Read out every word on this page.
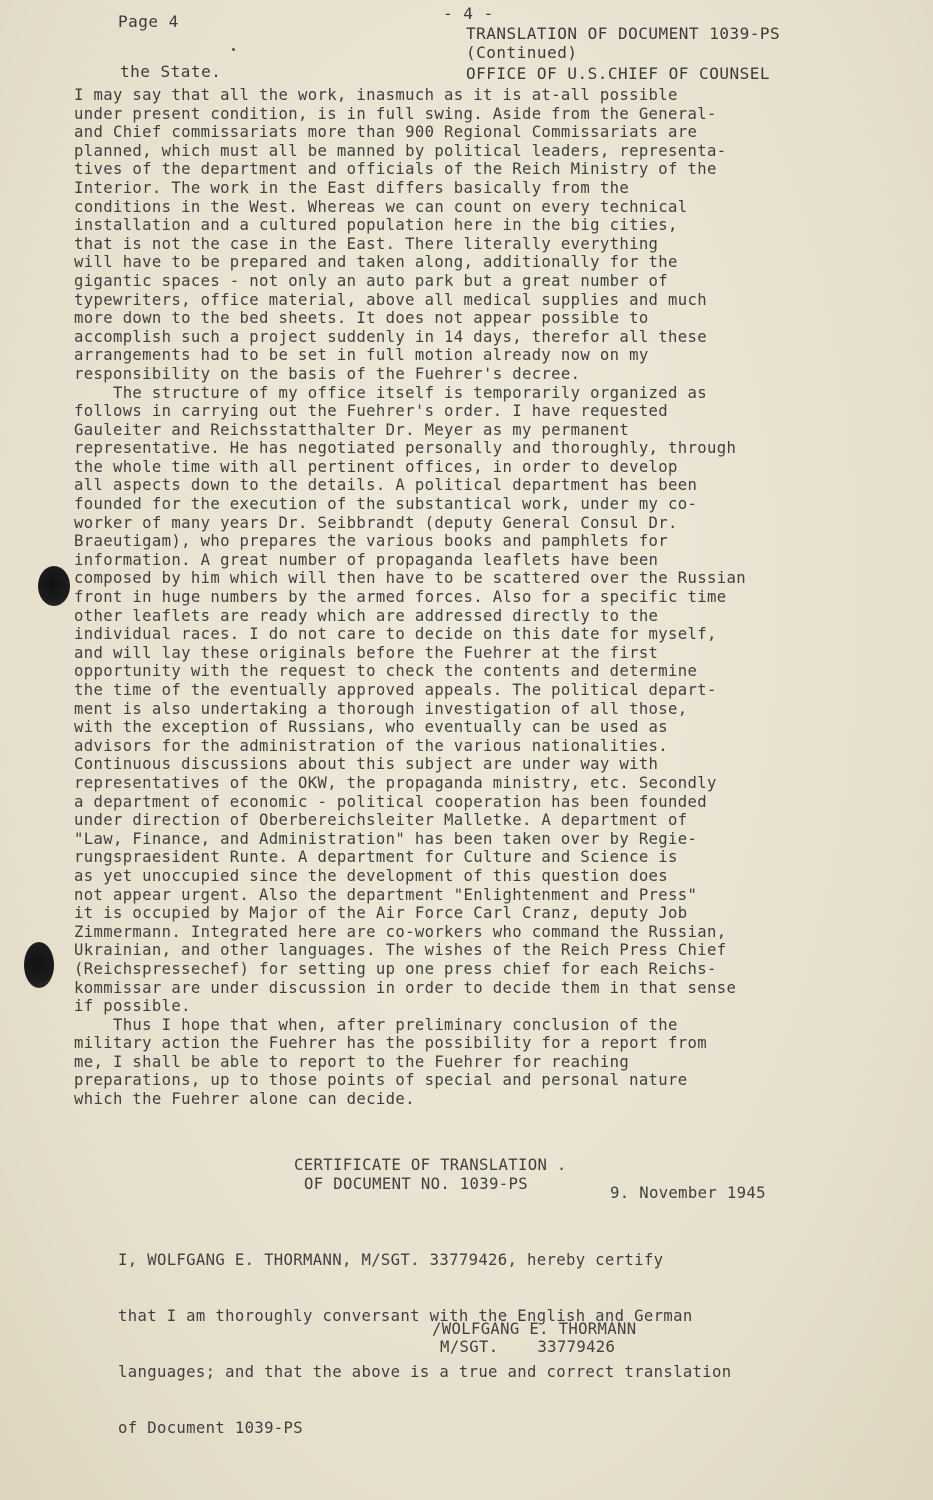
Page 4	- 4 -
TRANSLATION OF DOCUMENT 1039-PS
(Continued)
OFFICE OF U.S.CHIEF OF COUNSEL
the State.
I may say that all the work, inasmuch as it is at-all possible
under present condition, is in full swing. Aside from the General-
and Chief commissariats more than 900 Regional Commissariats are
planned, which must all be manned by political leaders, representa-
tives of the department and officials of the Reich Ministry of the
Interior. The work in the East differs basically from the
conditions in the West. Whereas we can count on every technical
installation and a cultured population here in the big cities,
that is not the case in the East. There literally everything
will have to be prepared and taken along, additionally for the
gigantic spaces - not only an auto park but a great number of
typewriters, office material, above all medical supplies and much
more down to the bed sheets. It does not appear possible to
accomplish such a project suddenly in 14 days, therefor all these
arrangements had to be set in full motion already now on my
responsibility on the basis of the Fuehrer's decree.
The structure of my office itself is temporarily organized as
follows in carrying out the Fuehrer's order. I have requested
Gauleiter and Reichsstatthalter Dr. Meyer as my permanent
representative. He has negotiated personally and thoroughly, through
the whole time with all pertinent offices, in order to develop
all aspects down to the details. A political department has been
founded for the execution of the substantical work, under my co-
worker of many years Dr. Seibbrandt (deputy General Consul Dr.
Braeutigam), who prepares the various books and pamphlets for
information. A great number of propaganda leaflets have been
composed by him which will then have to be scattered over the Russian
front in huge numbers by the armed forces. Also for a specific time
other leaflets are ready which are addressed directly to the
individual races. I do not care to decide on this date for myself,
and will lay these originals before the Fuehrer at the first
opportunity with the request to check the contents and determine
the time of the eventually approved appeals. The political depart-
ment is also undertaking a thorough investigation of all those,
with the exception of Russians, who eventually can be used as
advisors for the administration of the various nationalities.
Continuous discussions about this subject are under way with
representatives of the OKW, the propaganda ministry, etc. Secondly
a department of economic - political cooperation has been founded
under direction of Oberbereichsleiter Malletke. A department of
"Law, Finance, and Administration" has been taken over by Regie-
rungspraesident Runte. A department for Culture and Science is
as yet unoccupied since the development of this question does
not appear urgent. Also the department "Enlightenment and Press"
it is occupied by Major of the Air Force Carl Cranz, deputy Job
Zimmermann. Integrated here are co-workers who command the Russian,
Ukrainian, and other languages. The wishes of the Reich Press Chief
(Reichspressechef) for setting up one press chief for each Reichs-
kommissar are under discussion in order to decide them in that sense
if possible.
Thus I hope that when, after preliminary conclusion of the
military action the Fuehrer has the possibility for a report from
me, I shall be able to report to the Fuehrer for reaching
preparations, up to those points of special and personal nature
which the Fuehrer alone can decide.
CERTIFICATE OF TRANSLATION .
OF DOCUMENT NO. 1039-PS	9. November 1945

I, WOLFGANG E. THORMANN, M/SGT. 33779426, hereby certify

that I am thoroughly conversant with the English and German

languages; and that the above is a true and correct translation

of Document 1039-PS

/WOLFGANG E. THORMANN
M/SGT.    33779426
